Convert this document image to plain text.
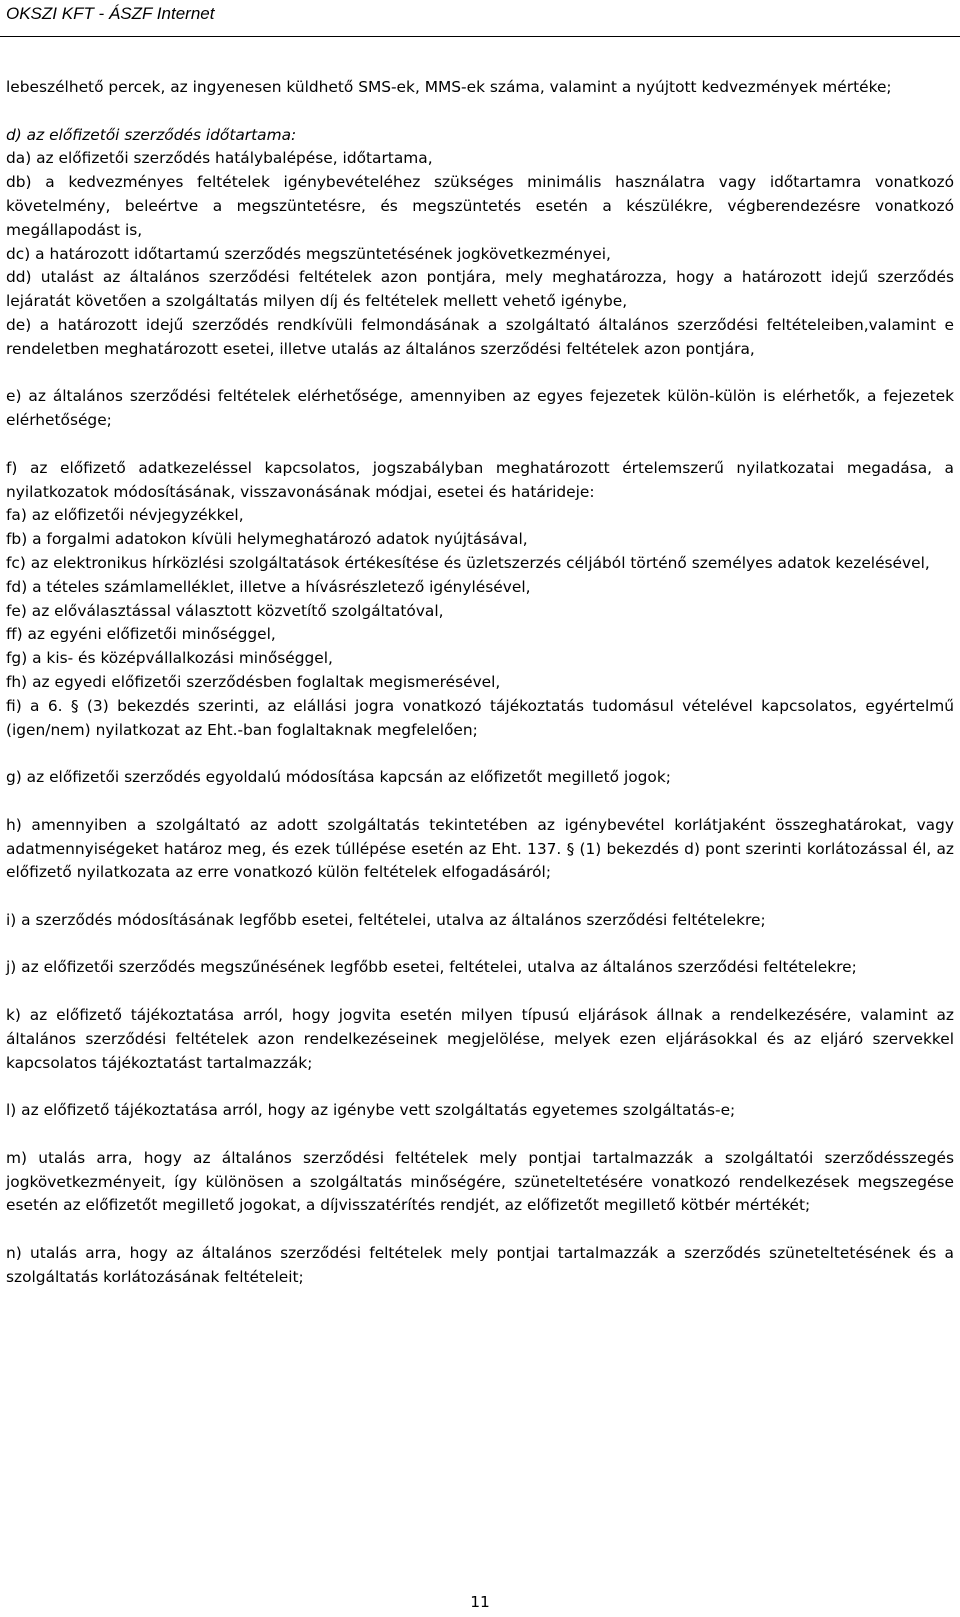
OKSZI KFT - ÁSZF Internet

lebeszélhető percek, az ingyenesen küldhető SMS-ek, MMS-ek száma, valamint a nyújtott kedvezmények mértéke;

d) az előfizetői szerződés időtartama:

da) az előfizetői szerződés hatálybalépése, időtartama,

db) a kedvezményes feltételek igénybevételéhez szükséges minimális használatra vagy időtartamra vonatkozó követelmény, beleértve a megszüntetésre, és megszüntetés esetén a készülékre, végberendezésre vonatkozó megállapodást is,

dc) a határozott időtartamú szerződés megszüntetésének jogkövetkezményei,

dd) utalást az általános szerződési feltételek azon pontjára, mely meghatározza, hogy a határozott idejű szerződés lejáratát követően a szolgáltatás milyen díj és feltételek mellett vehető igénybe,

de) a határozott idejű szerződés rendkívüli felmondásának a szolgáltató általános szerződési feltételeiben,valamint e rendeletben meghatározott esetei, illetve utalás az általános szerződési feltételek azon pontjára,

e) az általános szerződési feltételek elérhetősége, amennyiben az egyes fejezetek külön-külön is elérhetők, a fejezetek elérhetősége;

f) az előfizető adatkezeléssel kapcsolatos, jogszabályban meghatározott értelemszerű nyilatkozatai megadása, a nyilatkozatok módosításának, visszavonásának módjai, esetei és határideje:

fa) az előfizetői névjegyzékkel,

fb) a forgalmi adatokon kívüli helymeghatározó adatok nyújtásával,

fc) az elektronikus hírközlési szolgáltatások értékesítése és üzletszerzés céljából történő személyes adatok kezelésével,

fd) a tételes számlamelléklet, illetve a hívásrészletező igénylésével,

fe) az előválasztással választott közvetítő szolgáltatóval,

ff) az egyéni előfizetői minőséggel,

fg) a kis- és középvállalkozási minőséggel,

fh) az egyedi előfizetői szerződésben foglaltak megismerésével,

fi) a 6. § (3) bekezdés szerinti, az elállási jogra vonatkozó tájékoztatás tudomásul vételével kapcsolatos, egyértelmű (igen/nem) nyilatkozat az Eht.-ban foglaltaknak megfelelően;

g) az előfizetői szerződés egyoldalú módosítása kapcsán az előfizetőt megillető jogok;

h) amennyiben a szolgáltató az adott szolgáltatás tekintetében az igénybevétel korlátjaként összeghatárokat, vagy adatmennyiségeket határoz meg, és ezek túllépése esetén az Eht. 137. § (1) bekezdés d) pont szerinti korlátozással él, az előfizető nyilatkozata az erre vonatkozó külön feltételek elfogadásáról;

i) a szerződés módosításának legfőbb esetei, feltételei, utalva az általános szerződési feltételekre;

j) az előfizetői szerződés megszűnésének legfőbb esetei, feltételei, utalva az általános szerződési feltételekre;

k) az előfizető tájékoztatása arról, hogy jogvita esetén milyen típusú eljárások állnak a rendelkezésére, valamint az általános szerződési feltételek azon rendelkezéseinek megjelölése, melyek ezen eljárásokkal és az eljáró szervekkel kapcsolatos tájékoztatást tartalmazzák;

l) az előfizető tájékoztatása arról, hogy az igénybe vett szolgáltatás egyetemes szolgáltatás-e;

m) utalás arra, hogy az általános szerződési feltételek mely pontjai tartalmazzák a szolgáltatói szerződésszegés jogkövetkezményeit, így különösen a szolgáltatás minőségére, szüneteltetésére vonatkozó rendelkezések megszegése esetén az előfizetőt megillető jogokat, a díjvisszatérítés rendjét, az előfizetőt megillető kötbér mértékét;

n) utalás arra, hogy az általános szerződési feltételek mely pontjai tartalmazzák a szerződés szüneteltetésének és a szolgáltatás korlátozásának feltételeit;

11
